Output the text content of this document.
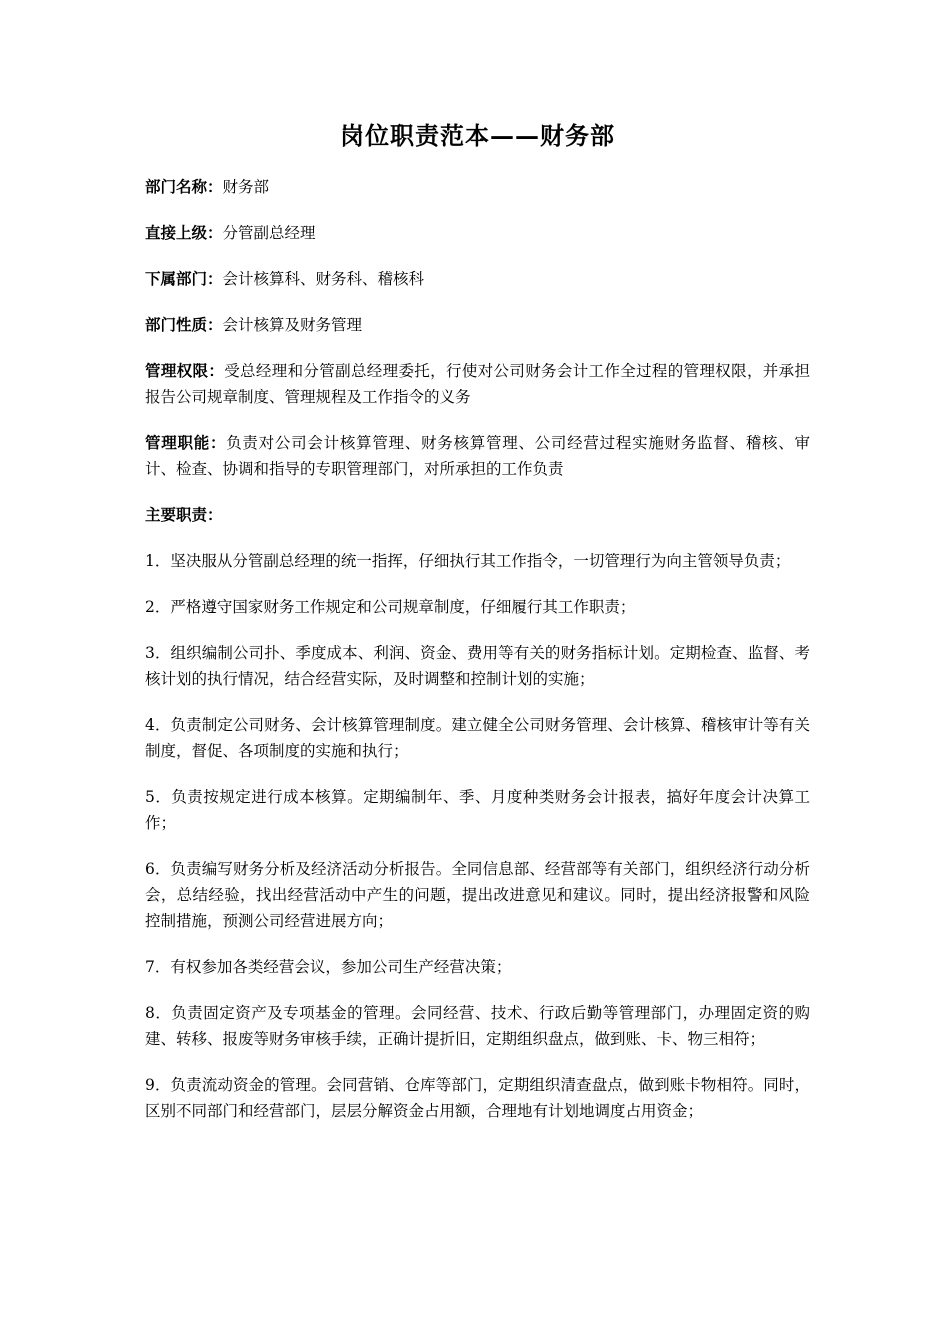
岗位职责范本——财务部

部门名称：财务部

直接上级：分管副总经理

下属部门：会计核算科、财务科、稽核科

部门性质：会计核算及财务管理

管理权限：受总经理和分管副总经理委托，行使对公司财务会计工作全过程的管理权限，并承担报告公司规章制度、管理规程及工作指令的义务

管理职能：负责对公司会计核算管理、财务核算管理、公司经营过程实施财务监督、稽核、审计、检查、协调和指导的专职管理部门，对所承担的工作负责

主要职责：

1．坚决服从分管副总经理的统一指挥，仔细执行其工作指令，一切管理行为向主管领导负责；

2．严格遵守国家财务工作规定和公司规章制度，仔细履行其工作职责；

3．组织编制公司扑、季度成本、利润、资金、费用等有关的财务指标计划。定期检查、监督、考核计划的执行情况，结合经营实际，及时调整和控制计划的实施；

4．负责制定公司财务、会计核算管理制度。建立健全公司财务管理、会计核算、稽核审计等有关制度，督促、各项制度的实施和执行；

5．负责按规定进行成本核算。定期编制年、季、月度种类财务会计报表，搞好年度会计决算工作；

6．负责编写财务分析及经济活动分析报告。全同信息部、经营部等有关部门，组织经济行动分析会，总结经验，找出经营活动中产生的问题，提出改进意见和建议。同时，提出经济报警和风险控制措施，预测公司经营进展方向；

7．有权参加各类经营会议，参加公司生产经营决策；

8．负责固定资产及专项基金的管理。会同经营、技术、行政后勤等管理部门，办理固定资的购建、转移、报废等财务审核手续，正确计提折旧，定期组织盘点，做到账、卡、物三相符；

9．负责流动资金的管理。会同营销、仓库等部门，定期组织清查盘点，做到账卡物相符。同时，区别不同部门和经营部门，层层分解资金占用额，合理地有计划地调度占用资金；
